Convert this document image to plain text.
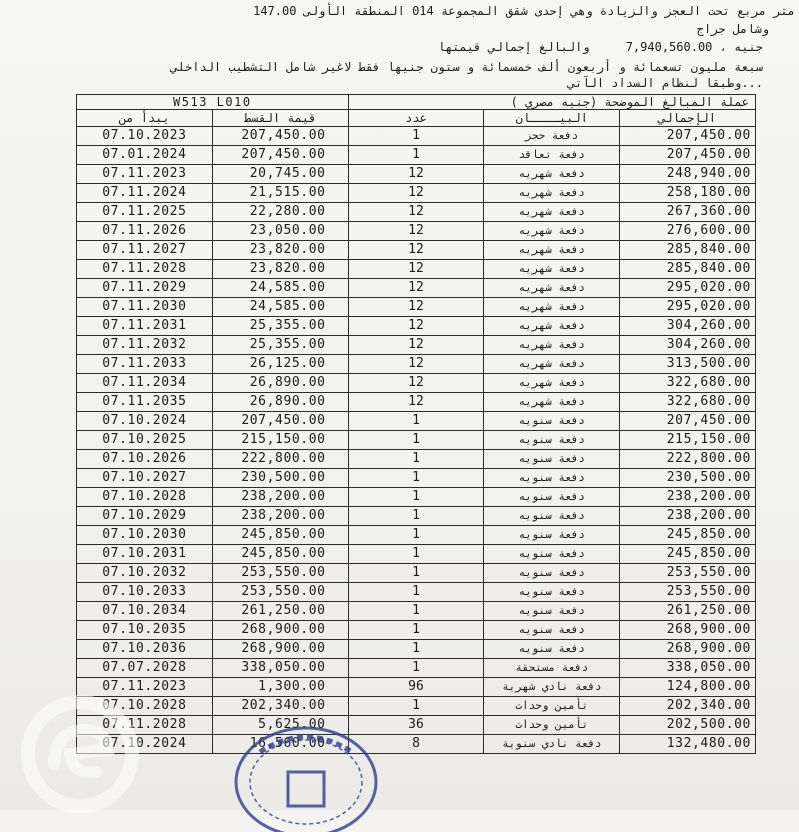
متر مربع تحت العجز والزيادة وهي إحدى شقق المجموعة 014 المنطقة الأولى 147.00
وشامل جراج
جنيه ، 7,940,560.00     والبالغ إجمالي قيمتها
سبعة مليون تسعمائة و أربعون ألف خمسمائة و ستون جنيها فقط لاغير شامل التشطيب الداخلي
وطبقا لنظام السداد الآتي...
W513 L010		عملة المبالغ الموضحة (جنيه مصري )		
يبدأ من	قيمة القسط	عدد	البيــــان	الإجمالي
07.10.2023	207,450.00	1	دفعة حجز	207,450.00
07.01.2024	207,450.00	1	دفعة تعاقد	207,450.00
07.11.2023	20,745.00	12	دفعة شهريه	248,940.00
07.11.2024	21,515.00	12	دفعة شهريه	258,180.00
07.11.2025	22,280.00	12	دفعة شهريه	267,360.00
07.11.2026	23,050.00	12	دفعة شهريه	276,600.00
07.11.2027	23,820.00	12	دفعة شهريه	285,840.00
07.11.2028	23,820.00	12	دفعة شهريه	285,840.00
07.11.2029	24,585.00	12	دفعة شهريه	295,020.00
07.11.2030	24,585.00	12	دفعة شهريه	295,020.00
07.11.2031	25,355.00	12	دفعة شهريه	304,260.00
07.11.2032	25,355.00	12	دفعة شهريه	304,260.00
07.11.2033	26,125.00	12	دفعة شهريه	313,500.00
07.11.2034	26,890.00	12	دفعة شهريه	322,680.00
07.11.2035	26,890.00	12	دفعة شهريه	322,680.00
07.10.2024	207,450.00	1	دفعة سنويه	207,450.00
07.10.2025	215,150.00	1	دفعة سنويه	215,150.00
07.10.2026	222,800.00	1	دفعة سنويه	222,800.00
07.10.2027	230,500.00	1	دفعة سنويه	230,500.00
07.10.2028	238,200.00	1	دفعة سنويه	238,200.00
07.10.2029	238,200.00	1	دفعة سنويه	238,200.00
07.10.2030	245,850.00	1	دفعة سنويه	245,850.00
07.10.2031	245,850.00	1	دفعة سنويه	245,850.00
07.10.2032	253,550.00	1	دفعة سنويه	253,550.00
07.10.2033	253,550.00	1	دفعة سنويه	253,550.00
07.10.2034	261,250.00	1	دفعة سنويه	261,250.00
07.10.2035	268,900.00	1	دفعة سنويه	268,900.00
07.10.2036	268,900.00	1	دفعة سنويه	268,900.00
07.07.2028	338,050.00	1	دفعة مستحقة	338,050.00
07.11.2023	1,300.00	96	دفعة نادي شهرية	124,800.00
07.10.2028	202,340.00	1	تأمين وحدات	202,340.00
07.11.2028	5,625.00	36	تأمين وحدات	202,500.00
07.10.2024	16,560.00	8	دفعة نادي سنوية	132,480.00
